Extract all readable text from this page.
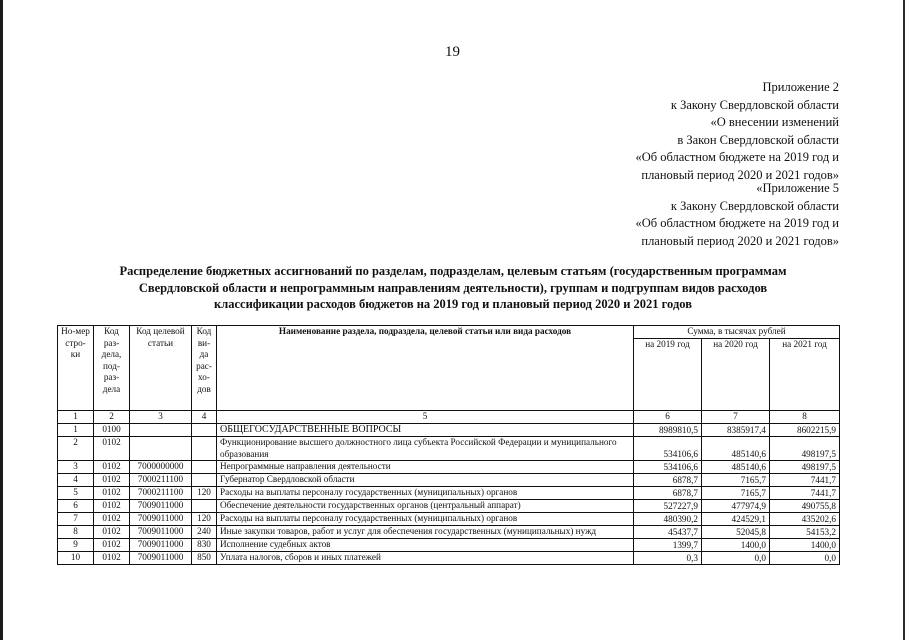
19
Приложение 2
к Закону Свердловской области
«О внесении изменений
в Закон Свердловской области
«Об областном бюджете на 2019 год и
плановый период 2020 и 2021 годов»
«Приложение 5
к Закону Свердловской области
«Об областном бюджете на 2019 год и
плановый период 2020 и 2021 годов»
Распределение бюджетных ассигнований по разделам, подразделам, целевым статьям (государственным программам
Свердловской области и непрограммным направлениям деятельности), группам и подгруппам видов расходов
классификации расходов бюджетов на 2019 год и плановый период 2020 и 2021 годов
Но-мер стро-ки	Код раз-дела, под-раз-дела	Код целевой статьи	Код ви-да рас-хо-дов	Наименование раздела, подраздела, целевой статьи или вида расходов	Сумма, в тысячах рублей		
					на 2019 год	на 2020 год	на 2021 год
1	2	3	4	5	6	7	8
1	0100			ОБЩЕГОСУДАРСТВЕННЫЕ ВОПРОСЫ	8989810,5	8385917,4	8602215,9
2	0102			Функционирование высшего должностного лица субъекта Российской Федерации и муниципального образования	534106,6	485140,6	498197,5
3	0102	7000000000		Непрограммные направления деятельности	534106,6	485140,6	498197,5
4	0102	7000211100		Губернатор Свердловской области	6878,7	7165,7	7441,7
5	0102	7000211100	120	Расходы на выплаты персоналу государственных (муниципальных) органов	6878,7	7165,7	7441,7
6	0102	7009011000		Обеспечение деятельности государственных органов (центральный аппарат)	527227,9	477974,9	490755,8
7	0102	7009011000	120	Расходы на выплаты персоналу государственных (муниципальных) органов	480390,2	424529,1	435202,6
8	0102	7009011000	240	Иные закупки товаров, работ и услуг для обеспечения государственных (муниципальных) нужд	45437,7	52045,8	54153,2
9	0102	7009011000	830	Исполнение судебных актов	1399,7	1400,0	1400,0
10	0102	7009011000	850	Уплата налогов, сборов и иных платежей	0,3	0,0	0,0
